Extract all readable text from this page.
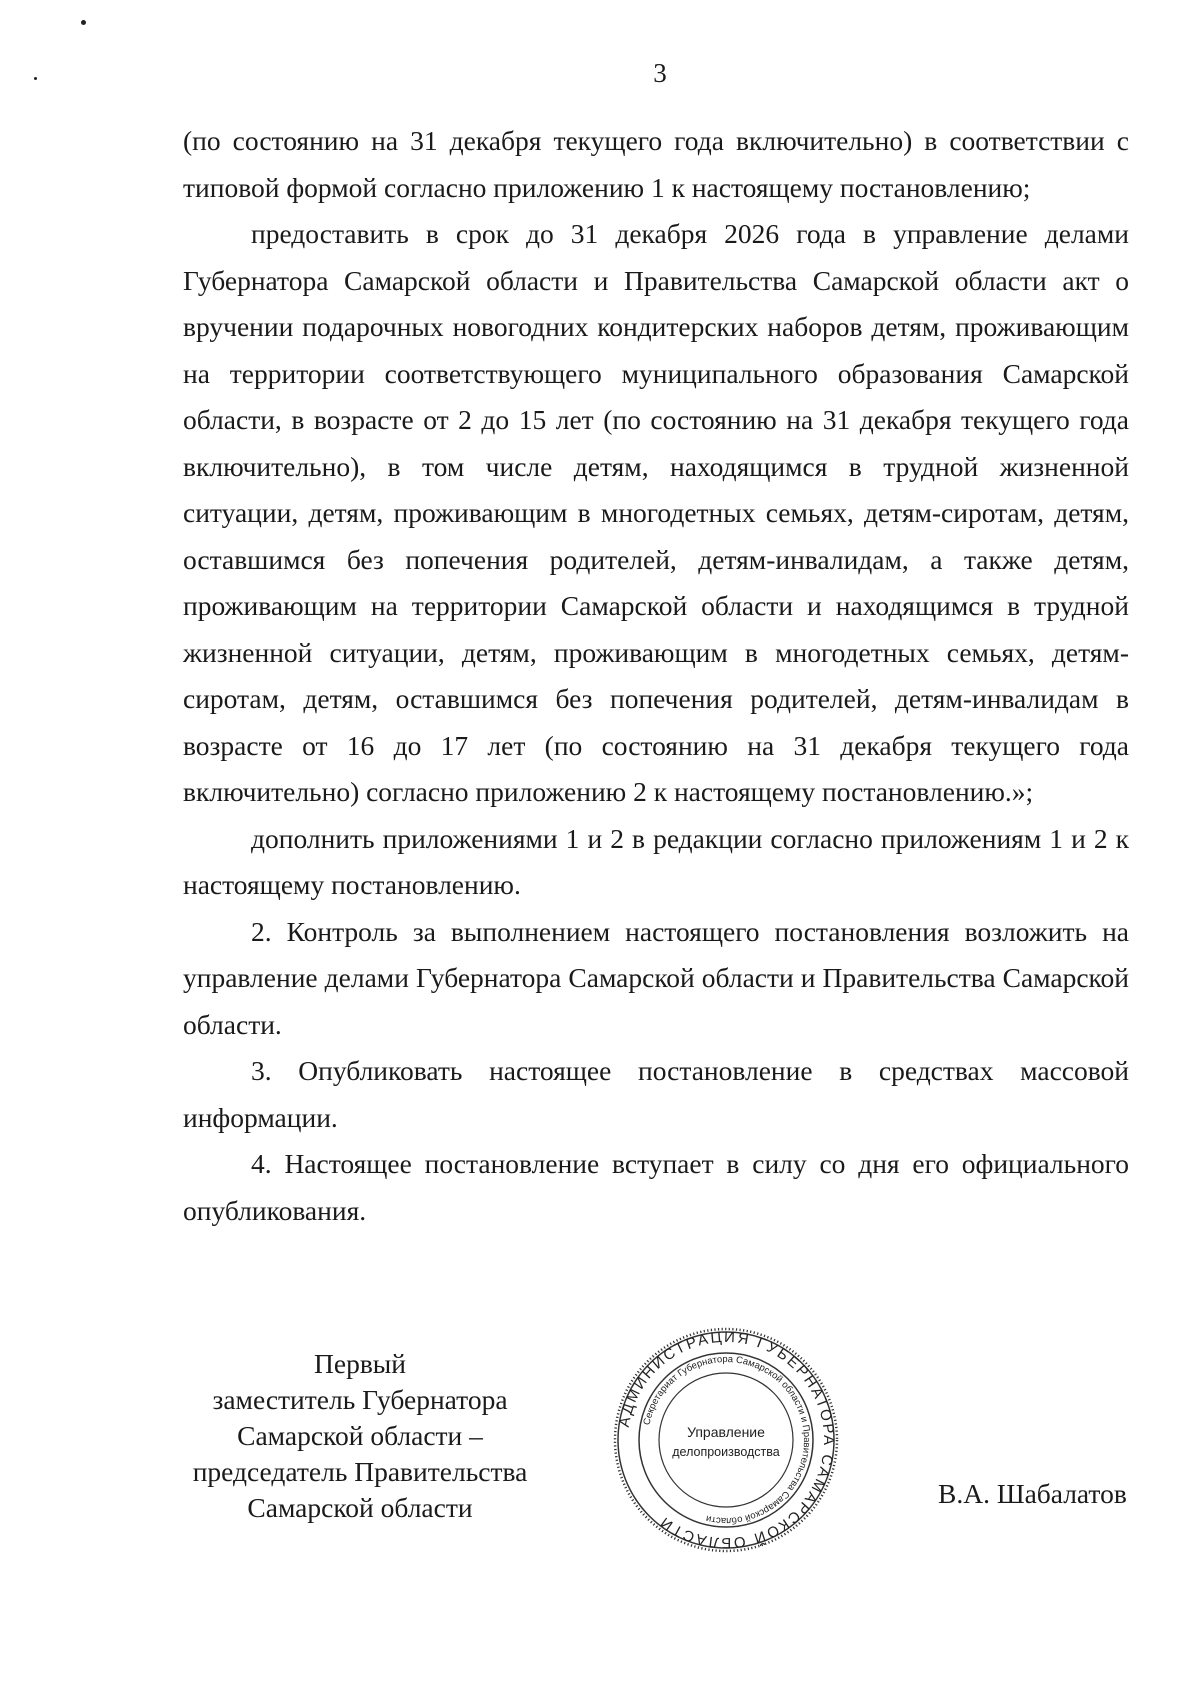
3

(по состоянию на 31 декабря текущего года включительно) в соответствии с типовой формой согласно приложению 1 к настоящему постановлению;

предоставить в срок до 31 декабря 2026 года в управление делами Губернатора Самарской области и Правительства Самарской области акт о вручении подарочных новогодних кондитерских наборов детям, проживающим на территории соответствующего муниципального образования Самарской области, в возрасте от 2 до 15 лет (по состоянию на 31 декабря текущего года включительно), в том числе детям, находящимся в трудной жизненной ситуации, детям, проживающим в многодетных семьях, детям-сиротам, детям, оставшимся без попечения родителей, детям-инвалидам, а также детям, проживающим на территории Самарской области и находящимся в трудной жизненной ситуации, детям, проживающим в многодетных семьях, детям-сиротам, детям, оставшимся без попечения родителей, детям-инвалидам в возрасте от 16 до 17 лет (по состоянию на 31 декабря текущего года включительно) согласно приложению 2 к настоящему постановлению.»;

дополнить приложениями 1 и 2 в редакции согласно приложениям 1 и 2 к настоящему постановлению.

2. Контроль за выполнением настоящего постановления возложить на управление делами Губернатора Самарской области и Правительства Самарской области.

3. Опубликовать настоящее постановление в средствах массовой информации.

4. Настоящее постановление вступает в силу со дня его официального опубликования.

Первый
заместитель Губернатора
Самарской области –
председатель Правительства
Самарской области
АДМИНИСТРАЦИЯ ГУБЕРНАТОРА САМАРСКОЙ ОБЛАСТИ
Секретариат Губернатора Самарской области и Правительства Самарской области
Управление
делопроизводства
В.А. Шабалатов
